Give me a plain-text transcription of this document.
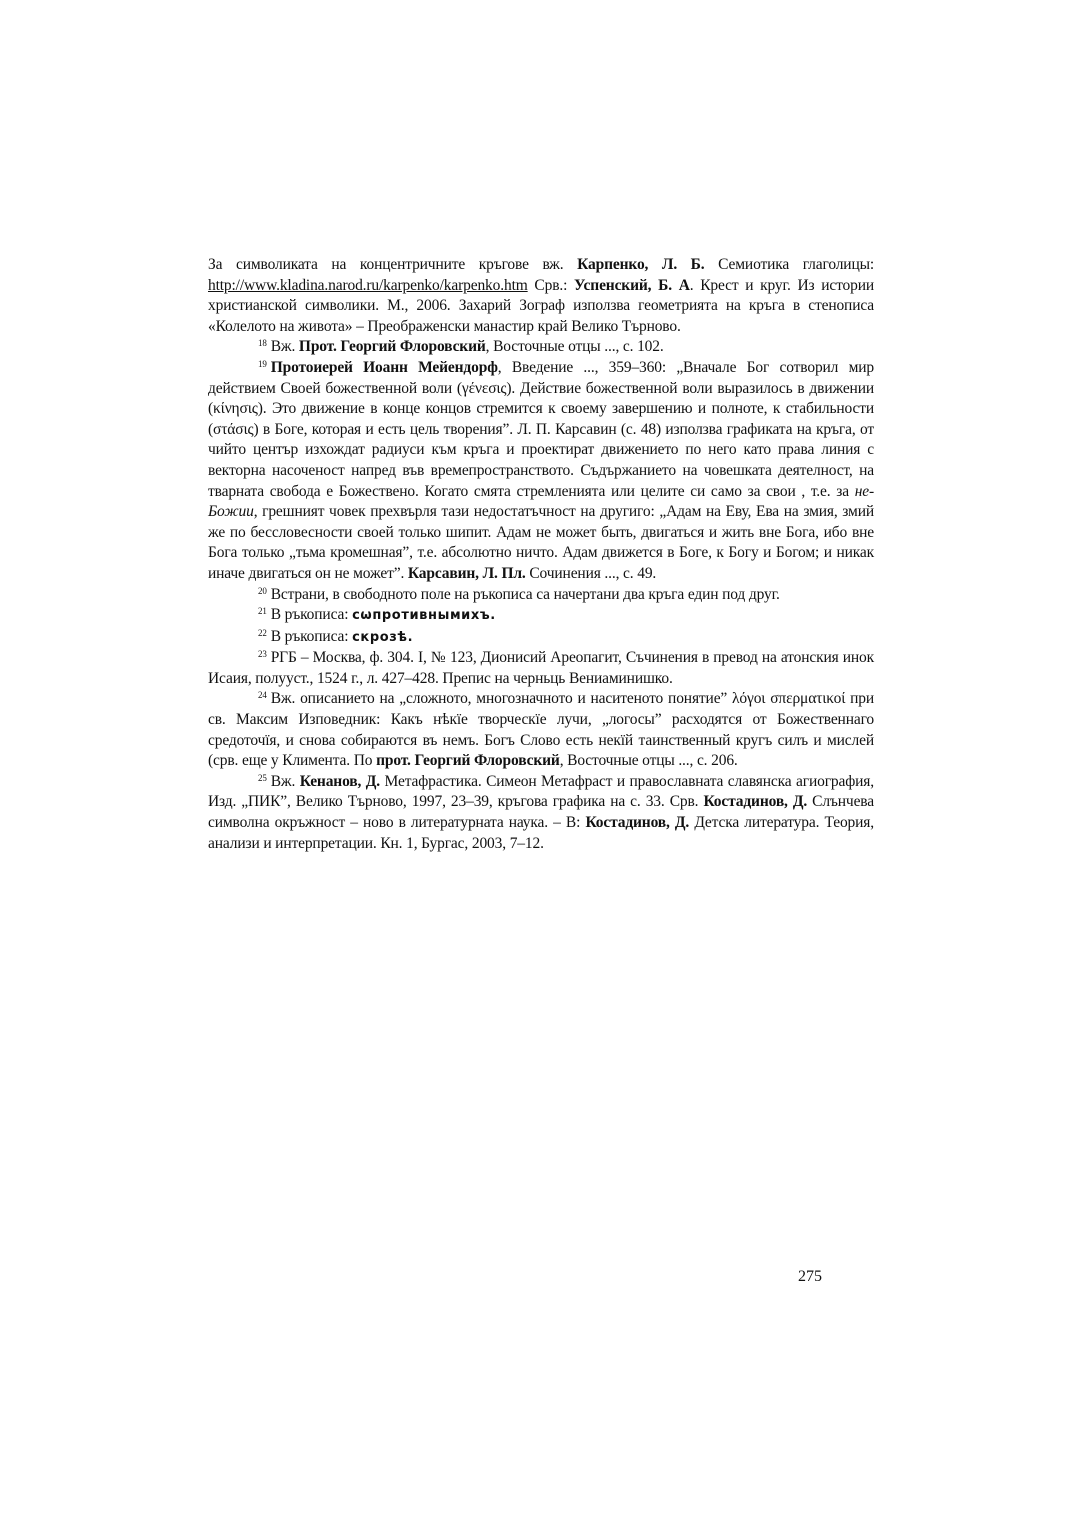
За символиката на концентричните кръгове вж. Карпенко, Л. Б. Семиотика глаголицы: http://www.kladina.narod.ru/karpenko/karpenko.htm Срв.: Успенский, Б. А. Крест и круг. Из истории христианской символики. М., 2006. Захарий Зограф използва геометрията на кръга в стенописа «Колелото на живота» – Преображенски манастир край Велико Търново.

$^{18}$ Вж. Прот. Георгий Флоровский, Восточные отцы ..., с. 102.

$^{19}$ Протоиерей Иоанн Мейендорф, Введение ..., 359–360: „Вначале Бог сотворил мир действием Своей божественной воли (γένεσις). Действие божественной воли выразилось в движении (κίνησις). Это движение в конце концов стремится к своему завершению и полноте, к стабильности (στάσις) в Боге, которая и есть цель творения”. Л. П. Карсавин (с. 48) използва графиката на кръга, от чийто център изхождат радиуси към кръга и проектират движението по него като права линия с векторна насоченост напред във времепространството. Съдържанието на човешката деятелност, на тварната свобода е Божествено. Когато смята стремленията или целите си само за свои , т.е. за не-Божии, грешният човек прехвърля тази недостатъчност на другиго: „Адам на Еву, Ева на змия, змий же по бессловесности своей только шипит. Адам не может быть, двигаться и жить вне Бога, ибо вне Бога только „тьма кромешная”, т.е. абсолютно ничто. Адам движется в Боге, к Богу и Богом; и никак иначе двигаться он не может”. Карсавин, Л. Пл. Сочинения ..., с. 49.

$^{20}$ Встрани, в свободното поле на ръкописа са начертани два кръга един под друг.

$^{21}$ В ръкописа: сѡпротивнымихъ.

$^{22}$ В ръкописа: скрозѣ.

$^{23}$ РГБ – Москва, ф. 304. I, № 123, Дионисий Ареопагит, Съчинения в превод на атонския инок Исаия, полууст., 1524 г., л. 427–428. Препис на черньць Вениаминишко.

$^{24}$ Вж. описанието на „сложното, многозначното и наситеното понятие” λόγοι σπερματικοί при св. Максим Изповедник: Какъ нѣкїе творческїе лучи, „логосы” расходятся от Божественнаго средоточїя, и снова собираются въ немъ. Богъ Слово есть некїй таинственный кругъ силъ и мислей (срв. еще у Климента. По прот. Георгий Флоровский, Восточные отцы ..., с. 206.

$^{25}$ Вж. Кенанов, Д. Метафрастика. Симеон Метафраст и православната славянска агиография, Изд. „ПИК”, Велико Търново, 1997, 23–39, кръгова графика на с. 33. Срв. Костадинов, Д. Слънчева символна окръжност – ново в литературната наука. – В: Костадинов, Д. Детска литература. Теория, анализи и интерпретации. Кн. 1, Бургас, 2003, 7–12.

275
